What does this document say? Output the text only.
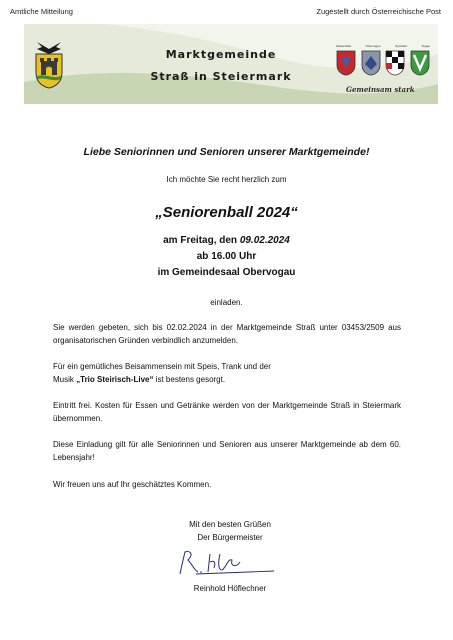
Amtliche Mitteilung	Zugestellt durch Österreichische Post
Marktgemeinde
Straß in Steiermark
Weitersfeld	Obervogau	Spielfeld	Vogau
Gemeinsam stark
Liebe Seniorinnen und Senioren unserer Marktgemeinde!
Ich möchte Sie recht herzlich zum
„Seniorenball 2024“
am Freitag, den 09.02.2024
ab 16.00 Uhr
im Gemeindesaal Obervogau
einladen.
Sie werden gebeten, sich bis 02.02.2024 in der Marktgemeinde Straß unter 03453/2509 aus organisatorischen Gründen verbindlich anzumelden.
Für ein gemütliches Beisammensein mit Speis, Trank und der
Musik „Trio Steirisch-Live“ ist bestens gesorgt.
Eintritt frei. Kosten für Essen und Getränke werden von der Marktgemeinde Straß in Steiermark übernommen.
Diese Einladung gilt für alle Seniorinnen und Senioren aus unserer Marktgemeinde ab dem 60. Lebensjahr!
Wir freuen uns auf Ihr geschätztes Kommen.
Mit den besten Grüßen
Der Bürgermeister
Reinhold Höflechner
